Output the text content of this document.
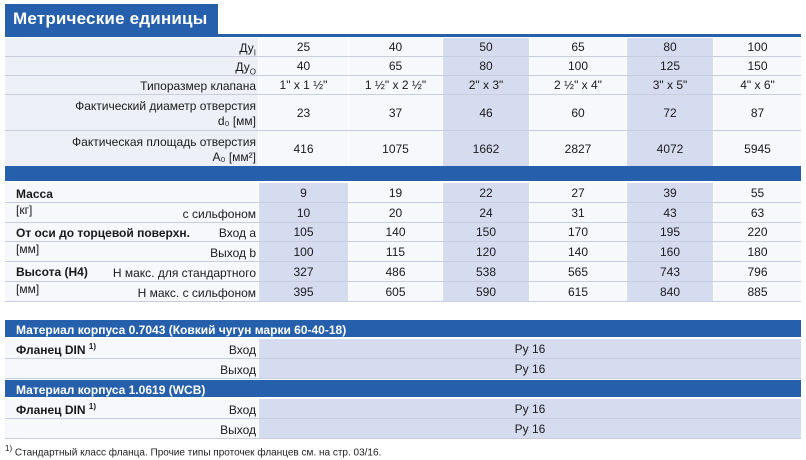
Метрические единицы
$Ду_I$	25	40	50	65	80	100
$Ду_O$	40	65	80	100	125	150
Типоразмер клапана	1" x 1 ½"	1 ½" x 2 ½"	2" x 3"	2 ½" x 4"	3" x 5"	4" x 6"
Фактический диаметр отверстия
d₀ [мм]
23	37	46	60	72	87
Фактическая площадь отверстия
A₀ [мм²]
416	1075	1662	2827	4072	5945
Масса	9	19	22	27	39	55
[кг]	с сильфоном	10	20	24	31	43	63
От оси до торцевой поверхн. Вход a	105	140	150	170	195	220
[мм]	Выход b	100	115	120	140	160	180
Высота (H4) H макс. для стандартного	327	486	538	565	743	796
[мм]	H макс. с сильфоном	395	605	590	615	840	885
Материал корпуса 0.7043 (Ковкий чугун марки 60-40-18)
Фланец DIN $^{1)}$	Вход	Ру 16
Выход	Ру 16
Материал корпуса 1.0619 (WCB)
Фланец DIN $^{1)}$	Вход	Ру 16
Выход	Ру 16
$^{1)}$ Стандартный класс фланца. Прочие типы проточек фланцев см. на стр. 03/16.
